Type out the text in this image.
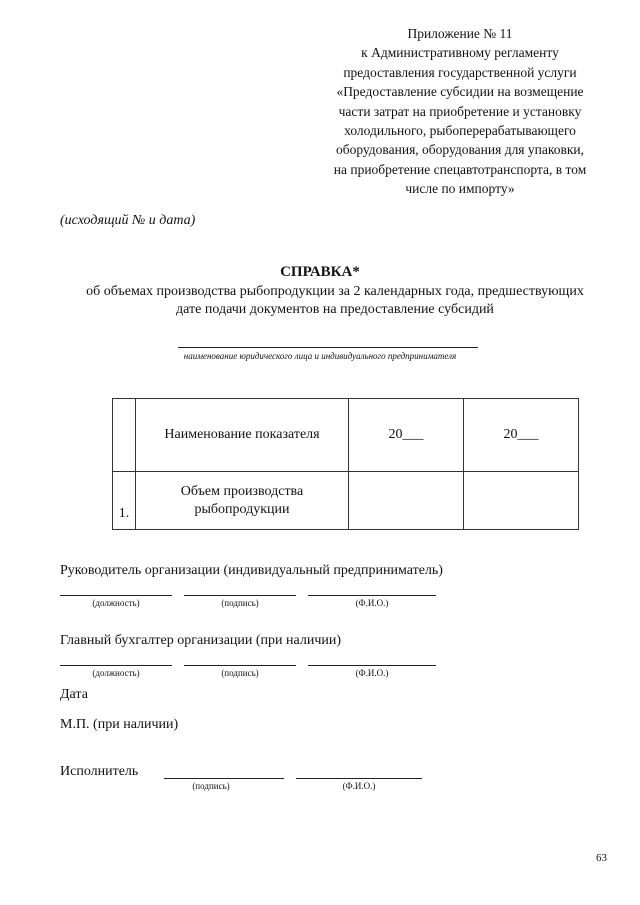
Приложение № 11
к Административному регламенту
предоставления государственной услуги
«Предоставление субсидии на возмещение
части затрат на приобретение и установку
холодильного, рыбоперерабатывающего
оборудования, оборудования для упаковки,
на приобретение спецавтотранспорта, в том
числе по импорту»
(исходящий № и дата)
СПРАВКА*
об объемах производства рыбопродукции за 2 календарных года, предшествующих
дате подачи документов на предоставление субсидий
наименование юридического лица и индивидуального предпринимателя
	Наименование показателя	20___	20___
1.	Объем производства
рыбопродукции		

Руководитель организации (индивидуальный предприниматель)
(должность)	(подпись)	(Ф.И.О.)
Главный бухгалтер организации (при наличии)
(должность)	(подпись)	(Ф.И.О.)
Дата
М.П. (при наличии)
Исполнитель
(подпись)	(Ф.И.О.)
63
